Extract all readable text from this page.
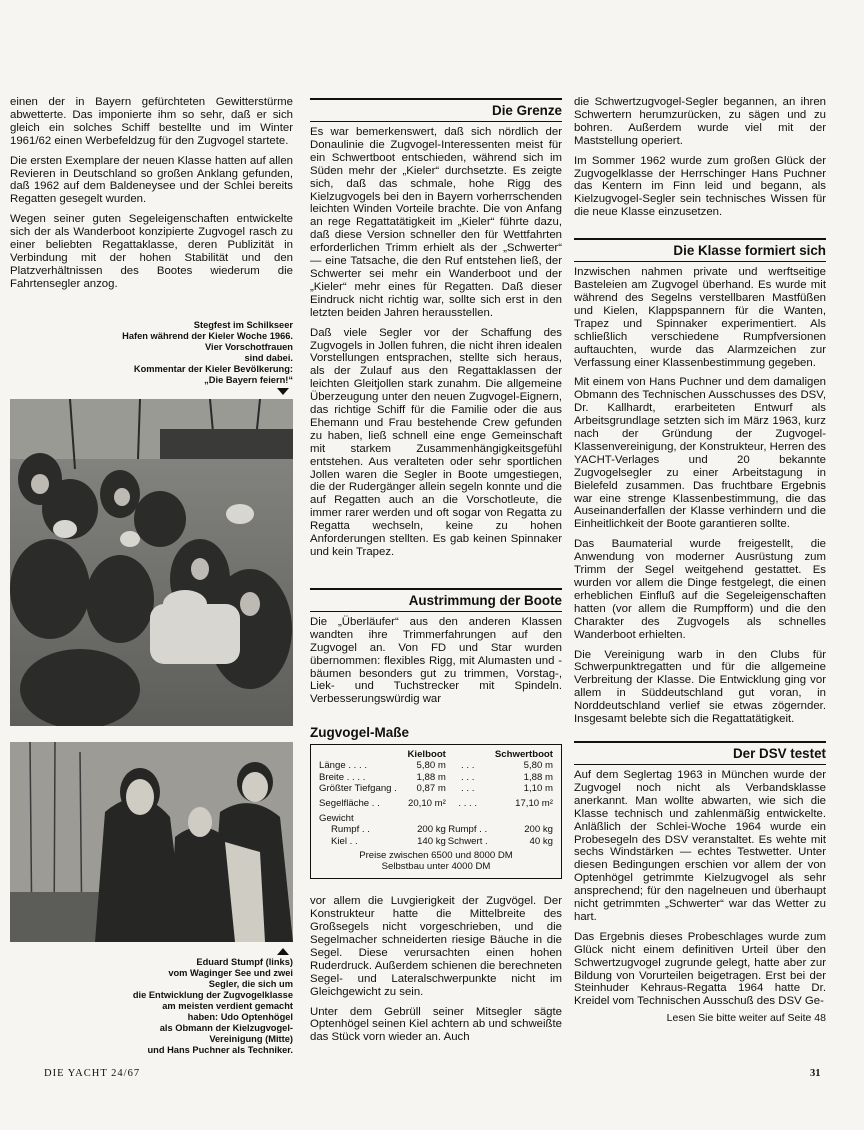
einen der in Bayern gefürchteten Gewitterstürme abwetterte. Das imponierte ihm so sehr, daß er sich gleich ein solches Schiff bestellte und im Winter 1961/62 einen Werbefeldzug für den Zugvogel startete.

Die ersten Exemplare der neuen Klasse hatten auf allen Revieren in Deutschland so großen Anklang gefunden, daß 1962 auf dem Baldeneysee und der Schlei bereits Regatten gesegelt wurden.

Wegen seiner guten Segeleigenschaften entwickelte sich der als Wanderboot konzipierte Zugvogel rasch zu einer beliebten Regattaklasse, deren Publizität in Verbindung mit der hohen Stabilität und den Platzverhältnissen des Bootes wiederum die Fahrtensegler anzog.

Stegfest im Schilkseer
Hafen während der Kieler Woche 1966.
Vier Vorschotfrauen
sind dabei.
Kommentar der Kieler Bevölkerung:
„Die Bayern feiern!“
Eduard Stumpf (links)
vom Waginger See und zwei
Segler, die sich um
die Entwicklung der Zugvogelklasse
am meisten verdient gemacht
haben: Udo Optenhögel
als Obmann der Kielzugvogel-
Vereinigung (Mitte)
und Hans Puchner als Techniker.
Die Grenze

Es war bemerkenswert, daß sich nördlich der Donaulinie die Zugvogel-Interessenten meist für ein Schwertboot entschieden, während sich im Süden mehr der „Kieler“ durchsetzte. Es zeigte sich, daß das schmale, hohe Rigg des Kielzugvogels bei den in Bayern vorherrschenden leichten Winden Vorteile brachte. Die von Anfang an rege Regattatätigkeit im „Kieler“ führte dazu, daß diese Version schneller den für Wettfahrten erforderlichen Trimm erhielt als der „Schwerter“ — eine Tatsache, die den Ruf entstehen ließ, der Schwerter sei mehr ein Wanderboot und der „Kieler“ mehr eines für Regatten. Daß dieser Eindruck nicht richtig war, sollte sich erst in den letzten beiden Jahren herausstellen.

Daß viele Segler vor der Schaffung des Zugvogels in Jollen fuhren, die nicht ihren idealen Vorstellungen entsprachen, stellte sich heraus, als der Zulauf aus den Regattaklassen der leichten Gleitjollen stark zunahm. Die allgemeine Überzeugung unter den neuen Zugvogel-Eignern, das richtige Schiff für die Familie oder die aus Ehemann und Frau bestehende Crew gefunden zu haben, ließ schnell eine enge Gemeinschaft mit starkem Zusammenhängigkeitsgefühl entstehen. Aus veralteten oder sehr sportlichen Jollen waren die Segler in Boote umgestiegen, die der Rudergänger allein segeln konnte und die auf Regatten auch an die Vorschotleute, die immer rarer werden und oft sogar von Regatta zu Regatta wechseln, keine zu hohen Anforderungen stellten. Es gab keinen Spinnaker und kein Trapez.

Austrimmung der Boote

Die „Überläufer“ aus den anderen Klassen wandten ihre Trimmerfahrungen auf den Zugvogel an. Von FD und Star wurden übernommen: flexibles Rigg, mit Alumasten und -bäumen besonders gut zu trimmen, Vorstag-, Liek- und Tuchstrecker mit Spindeln. Verbesserungswürdig war

Zugvogel-Maße
	Kielboot		Schwertboot
Länge . . . .	5,80 m	. . .	5,80 m
Breite . . . .	1,88 m	. . .	1,88 m
Größter Tiefgang .	0,87 m	. . .	1,10 m
Segelfläche . .	20,10 m²	. . . .	17,10 m²
Gewicht			
Rumpf . .	200 kg	Rumpf . .	200 kg
Kiel . .	140 kg	Schwert .	40 kg
Preise zwischen 6500 und 8000 DM			
Selbstbau unter 4000 DM			

vor allem die Luvgierigkeit der Zugvögel. Der Konstrukteur hatte die Mittelbreite des Großsegels nicht vorgeschrieben, und die Segelmacher schneiderten riesige Bäuche in die Segel. Diese verursachten einen hohen Ruderdruck. Außerdem schienen die berechneten Segel- und Lateralschwerpunkte nicht im Gleichgewicht zu sein.

Unter dem Gebrüll seiner Mitsegler sägte Optenhögel seinen Kiel achtern ab und schweißte das Stück vorn wieder an. Auch

die Schwertzugvogel-Segler begannen, an ihren Schwertern herumzurücken, zu sägen und zu bohren. Außerdem wurde viel mit der Maststellung operiert.

Im Sommer 1962 wurde zum großen Glück der Zugvogelklasse der Herrschinger Hans Puchner das Kentern im Finn leid und begann, als Kielzugvogel-Segler sein technisches Wissen für die neue Klasse einzusetzen.

Die Klasse formiert sich

Inzwischen nahmen private und werftseitige Basteleien am Zugvogel überhand. Es wurde mit während des Segelns verstellbaren Mastfüßen und Kielen, Klappspannern für die Wanten, Trapez und Spinnaker experimentiert. Als schließlich verschiedene Rumpfversionen auftauchten, wurde das Alarmzeichen zur Verfassung einer Klassenbestimmung gegeben.

Mit einem von Hans Puchner und dem damaligen Obmann des Technischen Ausschusses des DSV, Dr. Kallhardt, erarbeiteten Entwurf als Arbeitsgrundlage setzten sich im März 1963, kurz nach der Gründung der Zugvogel-Klassenvereinigung, der Konstrukteur, Herren des YACHT-Verlages und 20 bekannte Zugvogelsegler zu einer Arbeitstagung in Bielefeld zusammen. Das fruchtbare Ergebnis war eine strenge Klassenbestimmung, die das Auseinanderfallen der Klasse verhindern und die Einheitlichkeit der Boote garantieren sollte.

Das Baumaterial wurde freigestellt, die Anwendung von moderner Ausrüstung zum Trimm der Segel weitgehend gestattet. Es wurden vor allem die Dinge festgelegt, die einen erheblichen Einfluß auf die Segeleigenschaften hatten (vor allem die Rumpfform) und die den Charakter des Zugvogels als schnelles Wanderboot erhielten.

Die Vereinigung warb in den Clubs für Schwerpunktregatten und für die allgemeine Verbreitung der Klasse. Die Entwicklung ging vor allem in Süddeutschland gut voran, in Norddeutschland verlief sie etwas zögernder. Insgesamt belebte sich die Regattatätigkeit.

Der DSV testet

Auf dem Seglertag 1963 in München wurde der Zugvogel noch nicht als Verbandsklasse anerkannt. Man wollte abwarten, wie sich die Klasse technisch und zahlenmäßig entwickelte. Anläßlich der Schlei-Woche 1964 wurde ein Probesegeln des DSV veranstaltet. Es wehte mit sechs Windstärken — echtes Testwetter. Unter diesen Bedingungen erschien vor allem der von Optenhögel getrimmte Kielzugvogel als sehr ansprechend; für den nagelneuen und überhaupt nicht getrimmten „Schwerter“ war das Wetter zu hart.

Das Ergebnis dieses Probeschlages wurde zum Glück nicht einem definitiven Urteil über den Schwertzugvogel zugrunde gelegt, hatte aber zur Bildung von Vorurteilen beigetragen. Erst bei der Steinhuder Kehraus-Regatta 1964 hatte Dr. Kreidel vom Technischen Ausschuß des DSV Ge-

Lesen Sie bitte weiter auf Seite 48
DIE YACHT 24/67	31
